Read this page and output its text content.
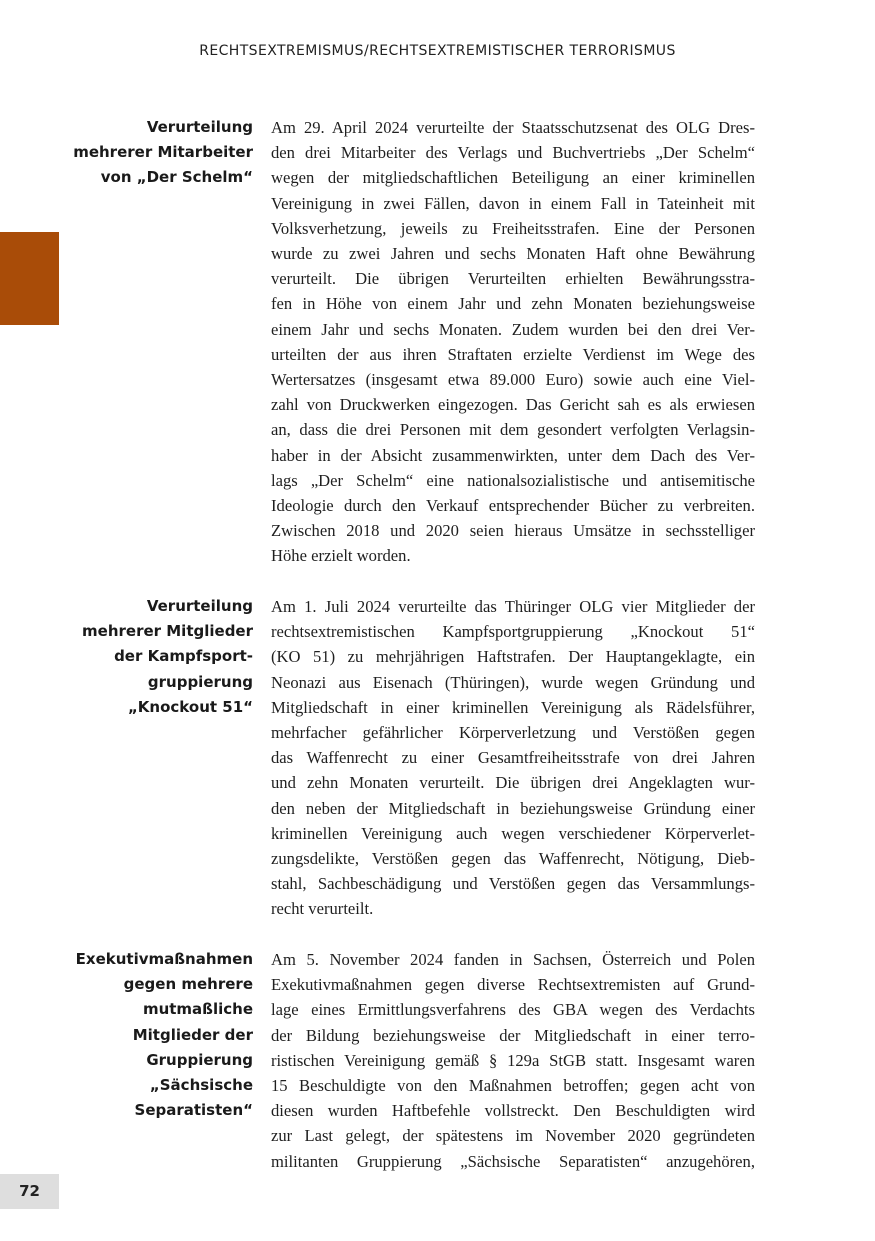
RECHTSEXTREMISMUS/RECHTSEXTREMISTISCHER TERRORISMUS
72
Verurteilung
mehrerer Mitarbeiter
von „Der Schelm“
Am 29. April 2024 verurteilte der Staatsschutzsenat des OLG Dres-
den drei Mitarbeiter des Verlags und Buchvertriebs „Der Schelm“
wegen der mitgliedschaftlichen Beteiligung an einer kriminellen
Vereinigung in zwei Fällen, davon in einem Fall in Tateinheit mit
Volksverhetzung, jeweils zu Freiheitsstrafen. Eine der Personen
wurde zu zwei Jahren und sechs Monaten Haft ohne Bewährung
verurteilt. Die übrigen Verurteilten erhielten Bewährungsstra-
fen in Höhe von einem Jahr und zehn Monaten beziehungsweise
einem Jahr und sechs Monaten. Zudem wurden bei den drei Ver-
urteilten der aus ihren Straftaten erzielte Verdienst im Wege des
Wertersatzes (insgesamt etwa 89.000 Euro) sowie auch eine Viel-
zahl von Druckwerken eingezogen. Das Gericht sah es als erwiesen
an, dass die drei Personen mit dem gesondert verfolgten Verlagsin-
haber in der Absicht zusammenwirkten, unter dem Dach des Ver-
lags „Der Schelm“ eine nationalsozialistische und antisemitische
Ideologie durch den Verkauf entsprechender Bücher zu verbreiten.
Zwischen 2018 und 2020 seien hieraus Umsätze in sechsstelliger
Höhe erzielt worden.
Verurteilung
mehrerer Mitglieder
der Kampfsport-
gruppierung
„Knockout 51“
Am 1. Juli 2024 verurteilte das Thüringer OLG vier Mitglieder der
rechtsextremistischen Kampfsportgruppierung „Knockout 51“
(KO 51) zu mehrjährigen Haftstrafen. Der Hauptangeklagte, ein
Neonazi aus Eisenach (Thüringen), wurde wegen Gründung und
Mitgliedschaft in einer kriminellen Vereinigung als Rädelsführer,
mehrfacher gefährlicher Körperverletzung und Verstößen gegen
das Waffenrecht zu einer Gesamtfreiheitsstrafe von drei Jahren
und zehn Monaten verurteilt. Die übrigen drei Angeklagten wur-
den neben der Mitgliedschaft in beziehungsweise Gründung einer
kriminellen Vereinigung auch wegen verschiedener Körperverlet-
zungsdelikte, Verstößen gegen das Waffenrecht, Nötigung, Dieb-
stahl, Sachbeschädigung und Verstößen gegen das Versammlungs-
recht verurteilt.
Exekutivmaßnahmen
gegen mehrere
mutmaßliche
Mitglieder der
Gruppierung
„Sächsische
Separatisten“
Am 5. November 2024 fanden in Sachsen, Österreich und Polen
Exekutivmaßnahmen gegen diverse Rechtsextremisten auf Grund-
lage eines Ermittlungsverfahrens des GBA wegen des Verdachts
der Bildung beziehungsweise der Mitgliedschaft in einer terro-
ristischen Vereinigung gemäß § 129a StGB statt. Insgesamt waren
15 Beschuldigte von den Maßnahmen betroffen; gegen acht von
diesen wurden Haftbefehle vollstreckt. Den Beschuldigten wird
zur Last gelegt, der spätestens im November 2020 gegründeten
militanten Gruppierung „Sächsische Separatisten“ anzugehören,
